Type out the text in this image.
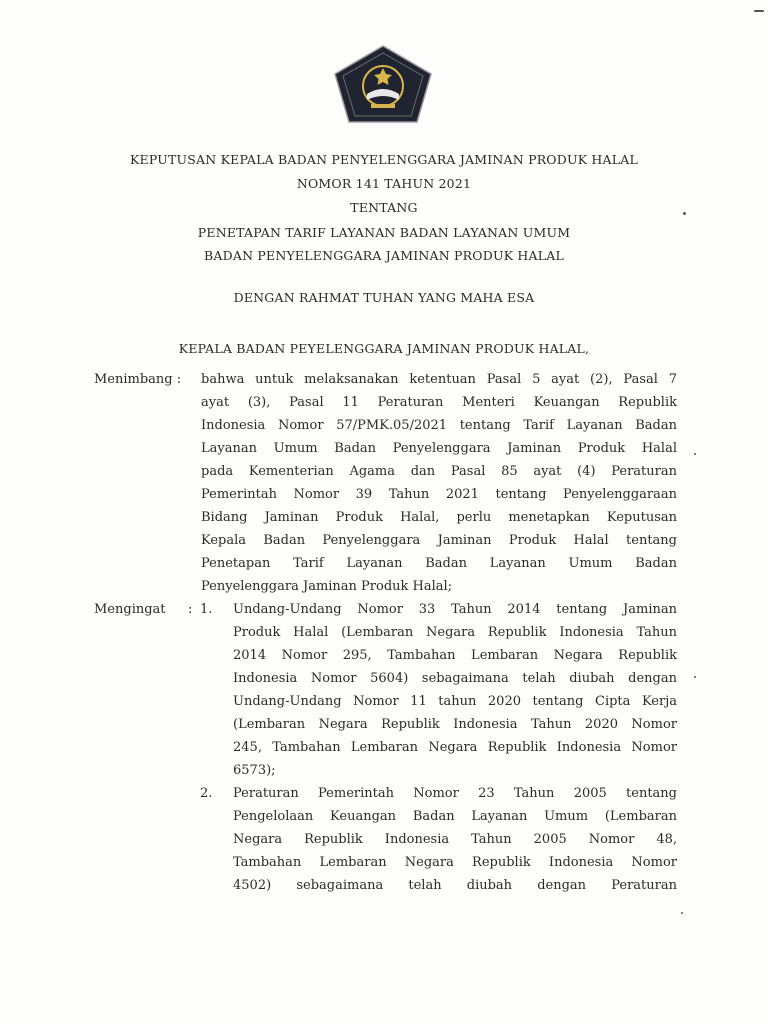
KEPUTUSAN KEPALA BADAN PENYELENGGARA JAMINAN PRODUK HALAL
NOMOR 141 TAHUN 2021
TENTANG
PENETAPAN TARIF LAYANAN BADAN LAYANAN UMUM
BADAN PENYELENGGARA JAMINAN PRODUK HALAL
DENGAN RAHMAT TUHAN YANG MAHA ESA
KEPALA BADAN PEYELENGGARA JAMINAN PRODUK HALAL,
Menimbang : bahwa untuk melaksanakan ketentuan Pasal 5 ayat (2), Pasal 7
ayat (3), Pasal 11 Peraturan Menteri Keuangan Republik
Indonesia Nomor 57/PMK.05/2021 tentang Tarif Layanan Badan
Layanan Umum Badan Penyelenggara Jaminan Produk Halal
pada Kementerian Agama dan Pasal 85 ayat (4) Peraturan
Pemerintah Nomor 39 Tahun 2021 tentang Penyelenggaraan
Bidang Jaminan Produk Halal, perlu menetapkan Keputusan
Kepala Badan Penyelenggara Jaminan Produk Halal tentang
Penetapan Tarif Layanan Badan Layanan Umum Badan
Penyelenggara Jaminan Produk Halal;
Mengingat : 1. Undang-Undang Nomor 33 Tahun 2014 tentang Jaminan
Produk Halal (Lembaran Negara Republik Indonesia Tahun
2014 Nomor 295, Tambahan Lembaran Negara Republik
Indonesia Nomor 5604) sebagaimana telah diubah dengan
Undang-Undang Nomor 11 tahun 2020 tentang Cipta Kerja
(Lembaran Negara Republik Indonesia Tahun 2020 Nomor
245, Tambahan Lembaran Negara Republik Indonesia Nomor
6573);
2. Peraturan Pemerintah Nomor 23 Tahun 2005 tentang
Pengelolaan Keuangan Badan Layanan Umum (Lembaran
Negara Republik Indonesia Tahun 2005 Nomor 48,
Tambahan Lembaran Negara Republik Indonesia Nomor
4502) sebagaimana telah diubah dengan Peraturan
